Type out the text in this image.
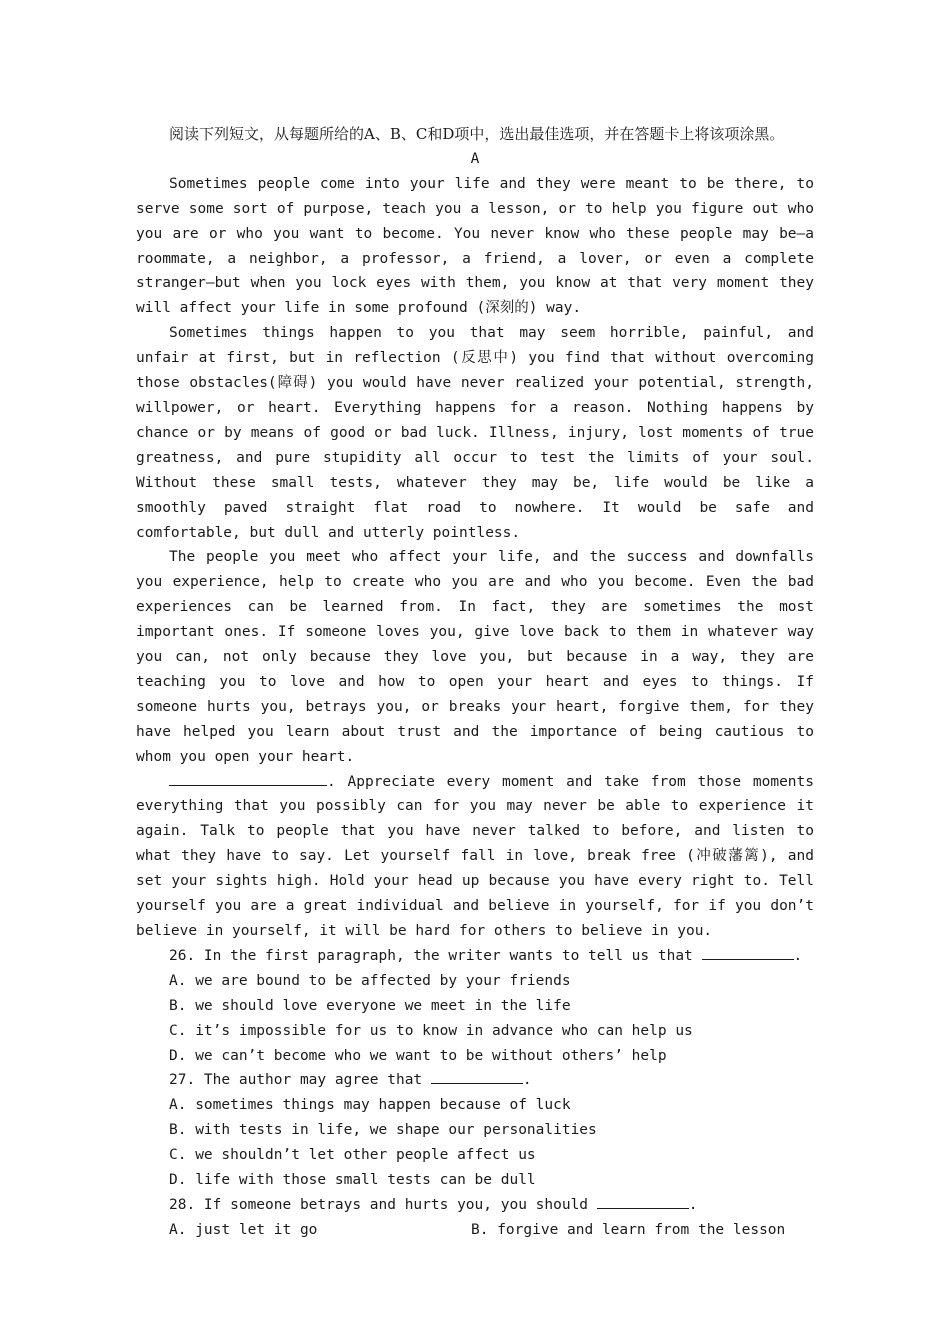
阅读下列短文，从每题所给的A、B、C和D项中，选出最佳选项，并在答题卡上将该项涂黑。
A
Sometimes people come into your life and they were meant to be there, to serve some sort of purpose, teach you a lesson, or to help you figure out who you are or who you want to become. You never know who these people may be—a roommate, a neighbor, a professor, a friend, a lover, or even a complete stranger—but when you lock eyes with them, you know at that very moment they will affect your life in some profound (深刻的) way.
Sometimes things happen to you that may seem horrible, painful, and unfair at first, but in reflection (反思中) you find that without overcoming those obstacles(障碍) you would have never realized your potential, strength, willpower, or heart. Everything happens for a reason. Nothing happens by chance or by means of good or bad luck. Illness, injury, lost moments of true greatness, and pure stupidity all occur to test the limits of your soul. Without these small tests, whatever they may be, life would be like a smoothly paved straight flat road to nowhere. It would be safe and comfortable, but dull and utterly pointless.
The people you meet who affect your life, and the success and downfalls you experience, help to create who you are and who you become. Even the bad experiences can be learned from. In fact, they are sometimes the most important ones. If someone loves you, give love back to them in whatever way you can, not only because they love you, but because in a way, they are teaching you to love and how to open your heart and eyes to things. If someone hurts you, betrays you, or breaks your heart, forgive them, for they have helped you learn about trust and the importance of being cautious to whom you open your heart.
. Appreciate every moment and take from those moments everything that you possibly can for you may never be able to experience it again. Talk to people that you have never talked to before, and listen to what they have to say. Let yourself fall in love, break free (冲破藩篱), and set your sights high. Hold your head up because you have every right to. Tell yourself you are a great individual and believe in yourself, for if you don’t believe in yourself, it will be hard for others to believe in you.
26. In the first paragraph, the writer wants to tell us that	.
A. we are bound to be affected by your friends
B. we should love everyone we meet in the life
C. it’s impossible for us to know in advance who can help us
D. we can’t become who we want to be without others’ help
27. The author may agree that	.
A. sometimes things may happen because of luck
B. with tests in life, we shape our personalities
C. we shouldn’t let other people affect us
D. life with those small tests can be dull
28. If someone betrays and hurts you, you should	.
A. just let it go	B. forgive and learn from the lesson
